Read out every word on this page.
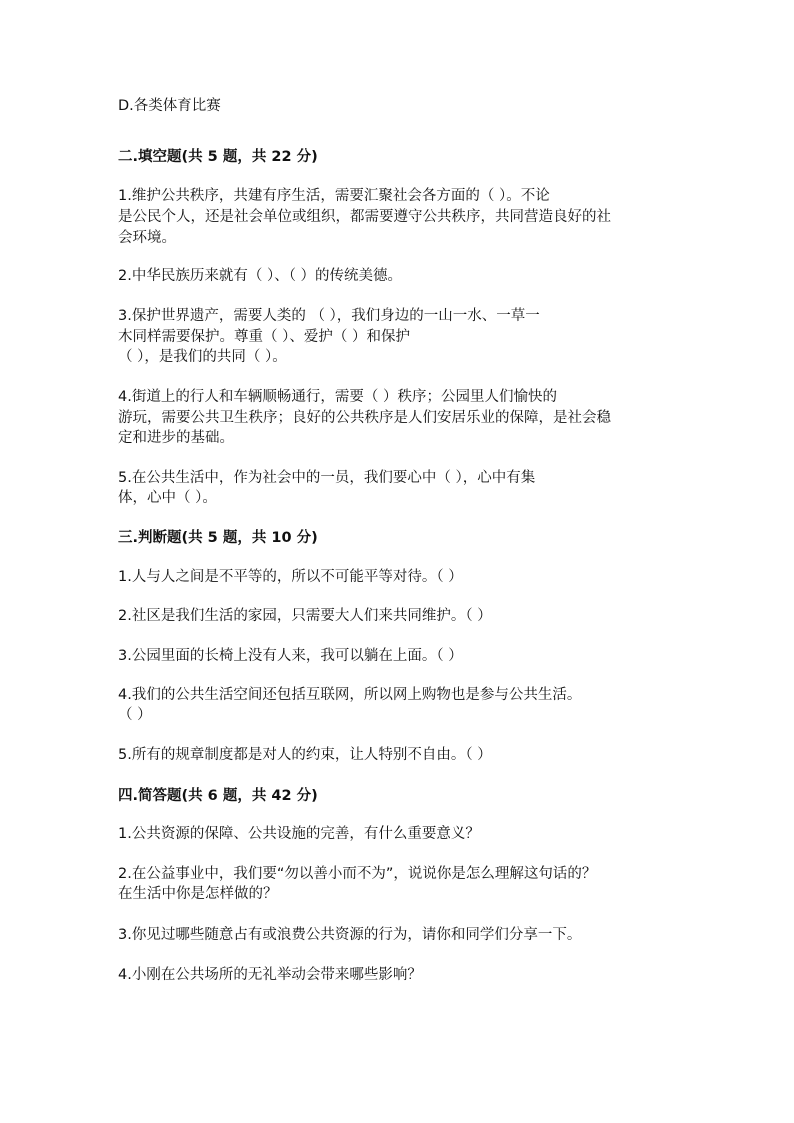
D.各类体育比赛
二.填空题(共 5 题，共 22 分)
1.维护公共秩序，共建有序生活，需要汇聚社会各方面的（ ）。不论
是公民个人，还是社会单位或组织，都需要遵守公共秩序，共同营造良好的社
会环境。
2.中华民族历来就有（ ）、（ ）的传统美德。
3.保护世界遗产，需要人类的 （ ），我们身边的一山一水、一草一
木同样需要保护。尊重（ ）、爱护（ ）和保护
（ ），是我们的共同（ ）。
4.街道上的行人和车辆顺畅通行，需要（ ）秩序；公园里人们愉快的
游玩，需要公共卫生秩序；良好的公共秩序是人们安居乐业的保障，是社会稳
定和进步的基础。
5.在公共生活中，作为社会中的一员，我们要心中（ ），心中有集
体，心中（ ）。
三.判断题(共 5 题，共 10 分)
1.人与人之间是不平等的，所以不可能平等对待。（ ）
2.社区是我们生活的家园，只需要大人们来共同维护。（ ）
3.公园里面的长椅上没有人来，我可以躺在上面。（ ）
4.我们的公共生活空间还包括互联网，所以网上购物也是参与公共生活。
（ ）
5.所有的规章制度都是对人的约束，让人特别不自由。（ ）
四.简答题(共 6 题，共 42 分)
1.公共资源的保障、公共设施的完善，有什么重要意义？
2.在公益事业中，我们要“勿以善小而不为”，说说你是怎么理解这句话的？
在生活中你是怎样做的？
3.你见过哪些随意占有或浪费公共资源的行为，请你和同学们分享一下。
4.小刚在公共场所的无礼举动会带来哪些影响？
